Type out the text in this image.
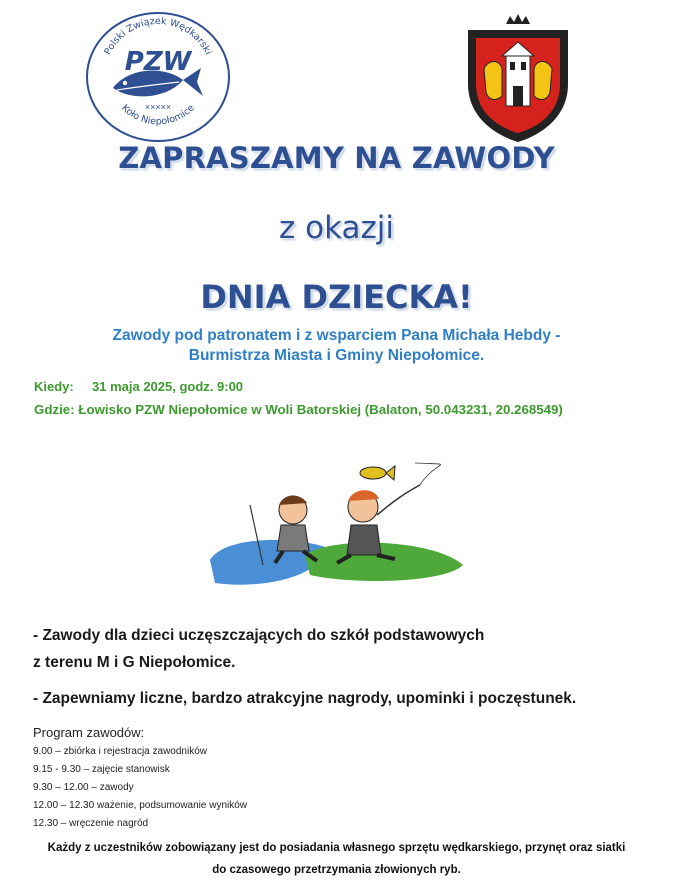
Polski Związek Wędkarski
PZW
×××××
Koło Niepołomice
ZAPRASZAMY NA ZAWODY
z okazji
DNIA DZIECKA!
Zawody pod patronatem i z wsparciem Pana Michała Hebdy -
Burmistrza Miasta i Gminy Niepołomice.
Kiedy: 31 maja 2025, godz. 9:00
Gdzie: Łowisko PZW Niepołomice w Woli Batorskiej (Balaton, 50.043231, 20.268549)
- Zawody dla dzieci uczęszczających do szkół podstawowych
z terenu M i G Niepołomice.
- Zapewniamy liczne, bardzo atrakcyjne nagrody, upominki i poczęstunek.
Program zawodów:
9.00 – zbiórka i rejestracja zawodników
9.15 - 9.30 – zajęcie stanowisk
9.30 – 12.00 – zawody
12.00 – 12.30 ważenie, podsumowanie wyników
12.30 – wręczenie nagród
Każdy z uczestników zobowiązany jest do posiadania własnego sprzętu wędkarskiego, przynęt oraz siatki
do czasowego przetrzymania złowionych ryb.
